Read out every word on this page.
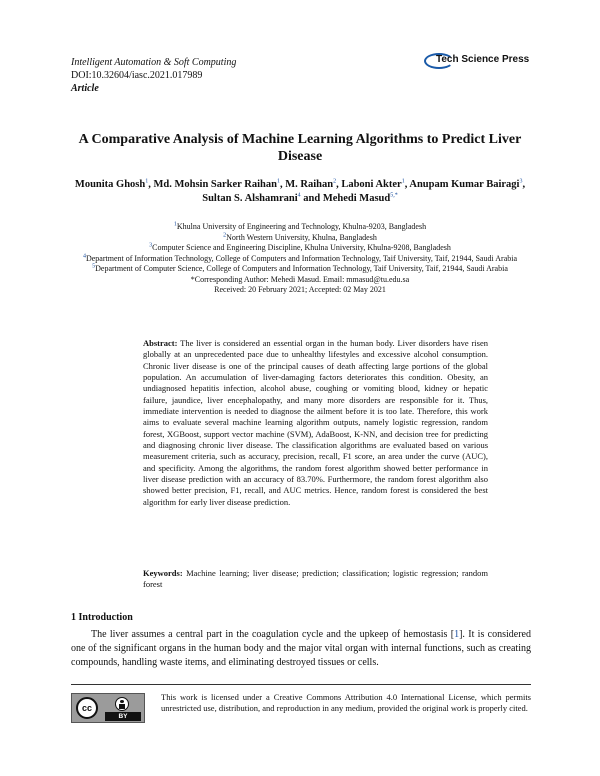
Intelligent Automation & Soft Computing
DOI:10.32604/iasc.2021.017989
Article
Tech Science Press
A Comparative Analysis of Machine Learning Algorithms to Predict Liver Disease
Mounita Ghosh$^1$, Md. Mohsin Sarker Raihan$^1$, M. Raihan$^2$, Laboni Akter$^1$, Anupam Kumar Bairagi$^3$,
Sultan S. Alshamrani$^4$ and Mehedi Masud$^{5,*}$
$^1$Khulna University of Engineering and Technology, Khulna-9203, Bangladesh
$^2$North Western University, Khulna, Bangladesh
$^3$Computer Science and Engineering Discipline, Khulna University, Khulna-9208, Bangladesh
$^4$Department of Information Technology, College of Computers and Information Technology, Taif University, Taif, 21944, Saudi Arabia
$^5$Department of Computer Science, College of Computers and Information Technology, Taif University, Taif, 21944, Saudi Arabia
*Corresponding Author: Mehedi Masud. Email: mmasud@tu.edu.sa
Received: 20 February 2021; Accepted: 02 May 2021
Abstract: The liver is considered an essential organ in the human body. Liver disorders have risen globally at an unprecedented pace due to unhealthy lifestyles and excessive alcohol consumption. Chronic liver disease is one of the principal causes of death affecting large portions of the global population. An accumulation of liver-damaging factors deteriorates this condition. Obesity, an undiagnosed hepatitis infection, alcohol abuse, coughing or vomiting blood, kidney or hepatic failure, jaundice, liver encephalopathy, and many more disorders are responsible for it. Thus, immediate intervention is needed to diagnose the ailment before it is too late. Therefore, this work aims to evaluate several machine learning algorithm outputs, namely logistic regression, random forest, XGBoost, support vector machine (SVM), AdaBoost, K-NN, and decision tree for predicting and diagnosing chronic liver disease. The classification algorithms are evaluated based on various measurement criteria, such as accuracy, precision, recall, F1 score, an area under the curve (AUC), and specificity. Among the algorithms, the random forest algorithm showed better performance in liver disease prediction with an accuracy of 83.70%. Furthermore, the random forest algorithm also showed better precision, F1, recall, and AUC metrics. Hence, random forest is considered the best algorithm for early liver disease prediction.
Keywords: Machine learning; liver disease; prediction; classification; logistic regression; random forest
1 Introduction
The liver assumes a central part in the coagulation cycle and the upkeep of hemostasis [1]. It is considered one of the significant organs in the human body and the major vital organ with internal functions, such as creating compounds, handling waste items, and eliminating destroyed tissues or cells.
cc
BY
This work is licensed under a Creative Commons Attribution 4.0 International License, which permits unrestricted use, distribution, and reproduction in any medium, provided the original work is properly cited.
